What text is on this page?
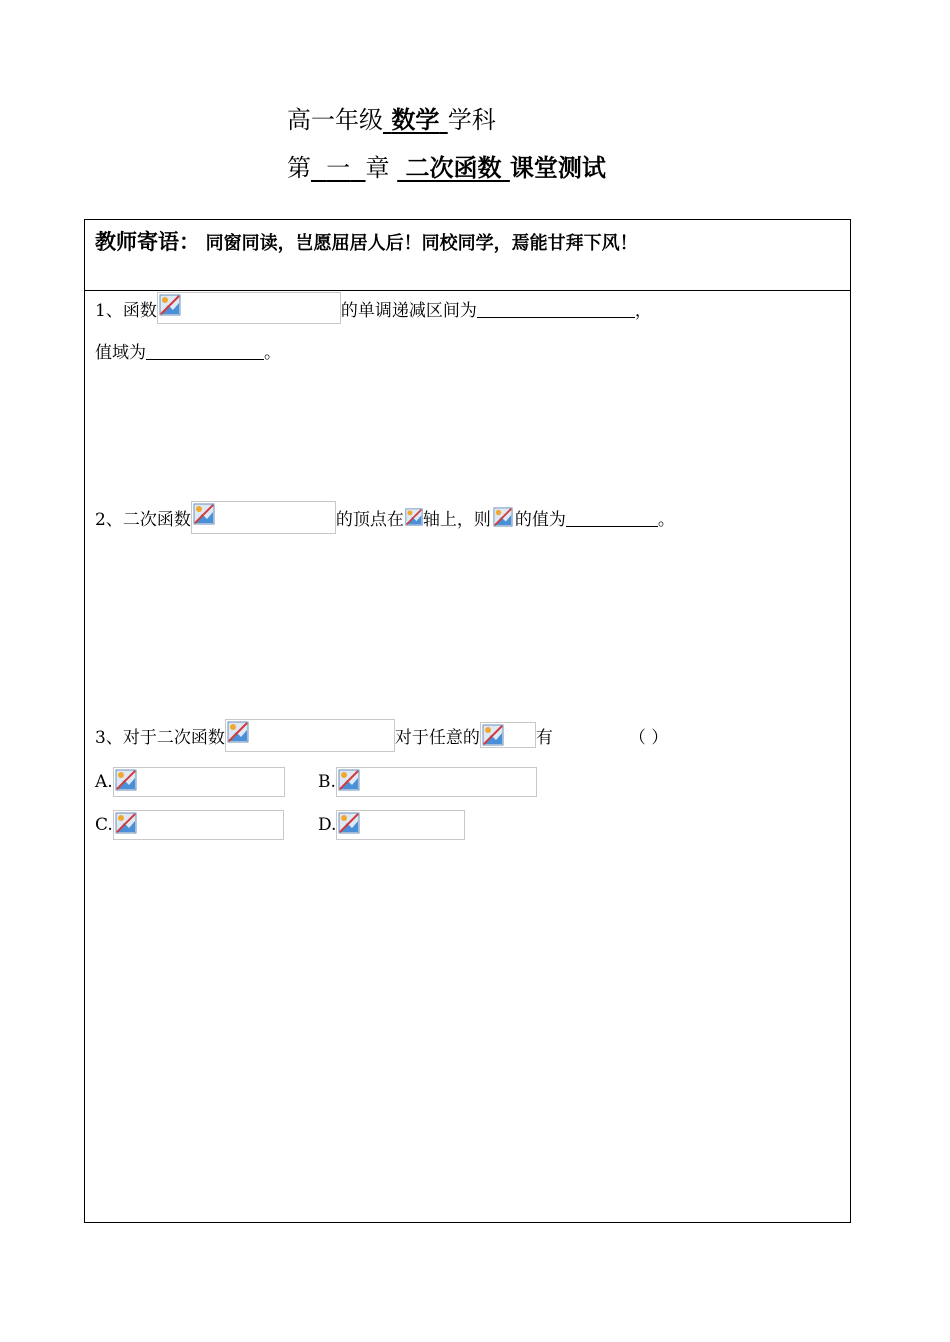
高一年级 数学 学科
第 一 章 二次函数 课堂测试
教师寄语： 同窗同读，岂愿屈居人后！同校同学，焉能甘拜下风！
1、函数	的单调递减区间为	，
值域为	。
2、二次函数	的顶点在 轴上，则 的值为	。
3、对于二次函数	对于任意的	有	（ ）
A.	B.
C.	D.
